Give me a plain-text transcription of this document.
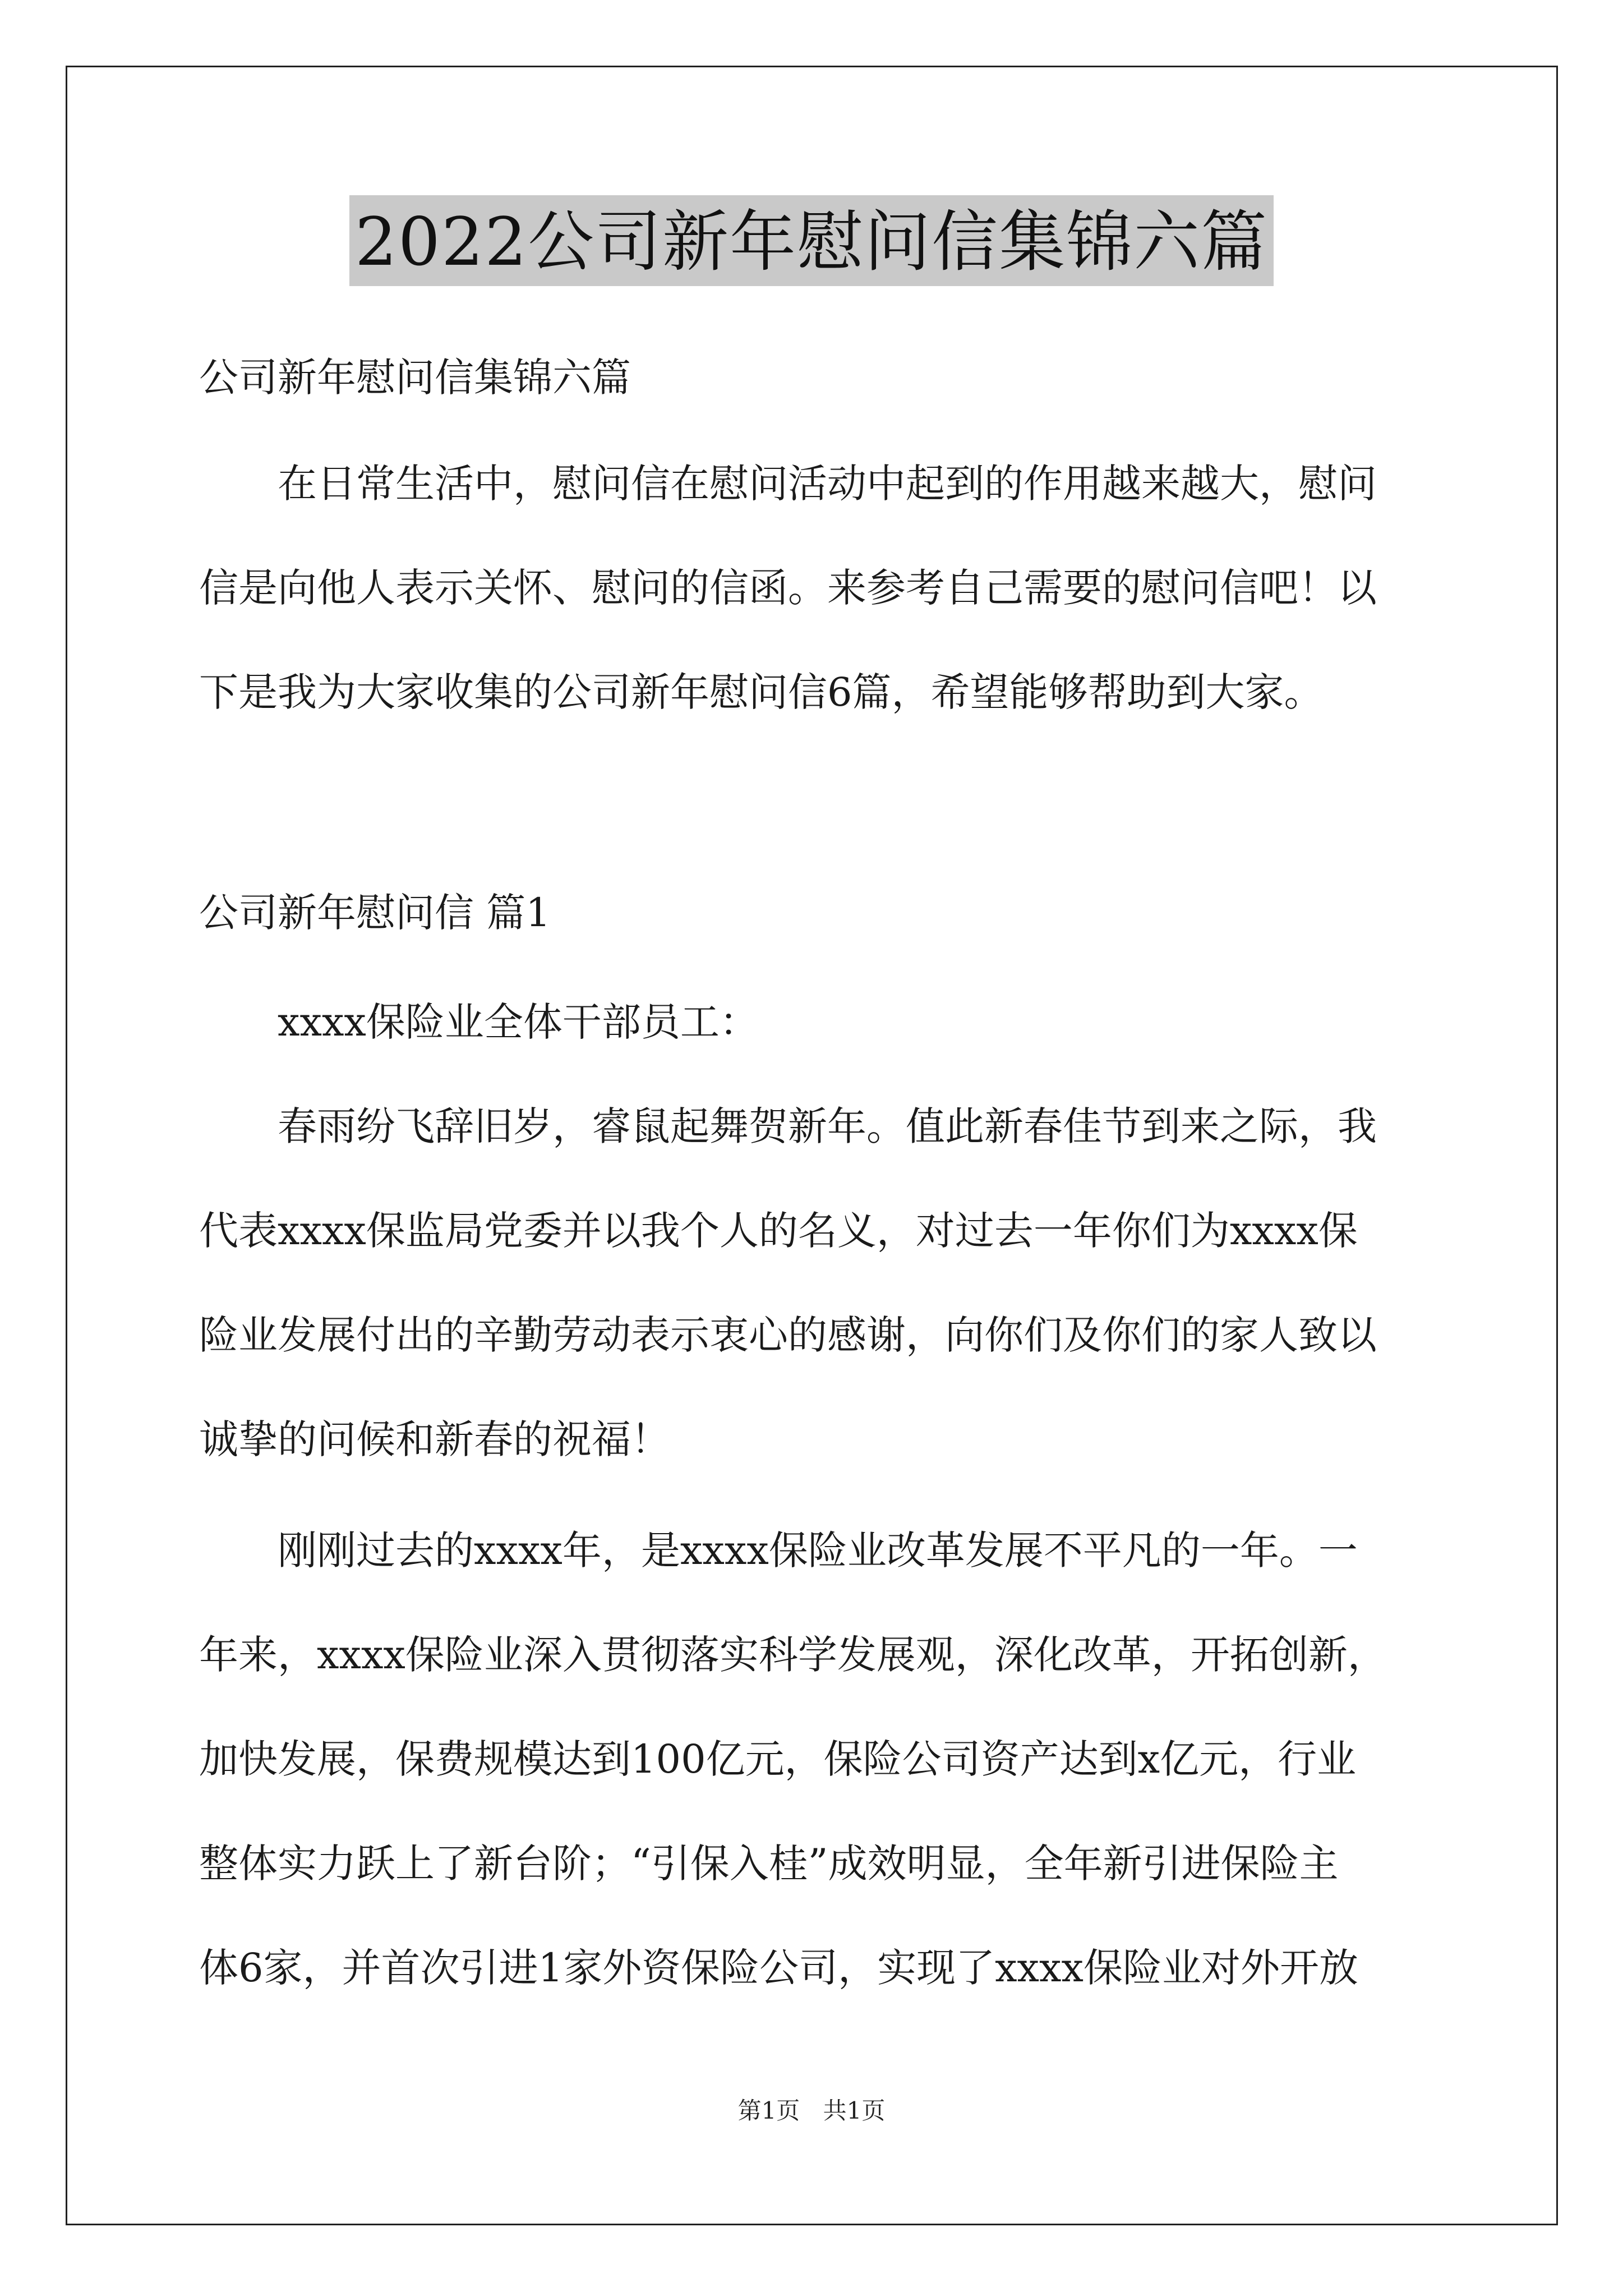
2022公司新年慰问信集锦六篇
公司新年慰问信集锦六篇
　　在日常生活中，慰问信在慰问活动中起到的作用越来越大，慰问
信是向他人表示关怀、慰问的信函。来参考自己需要的慰问信吧！以
下是我为大家收集的公司新年慰问信6篇，希望能够帮助到大家。
公司新年慰问信 篇1
　　xxxx保险业全体干部员工：
　　春雨纷飞辞旧岁，睿鼠起舞贺新年。值此新春佳节到来之际，我
代表xxxx保监局党委并以我个人的名义，对过去一年你们为xxxx保
险业发展付出的辛勤劳动表示衷心的感谢，向你们及你们的家人致以
诚挚的问候和新春的祝福！
　　刚刚过去的xxxx年，是xxxx保险业改革发展不平凡的一年。一
年来，xxxx保险业深入贯彻落实科学发展观，深化改革，开拓创新，
加快发展，保费规模达到100亿元，保险公司资产达到x亿元，行业
整体实力跃上了新台阶；“引保入桂”成效明显，全年新引进保险主
体6家，并首次引进1家外资保险公司，实现了xxxx保险业对外开放
第1页 共1页
